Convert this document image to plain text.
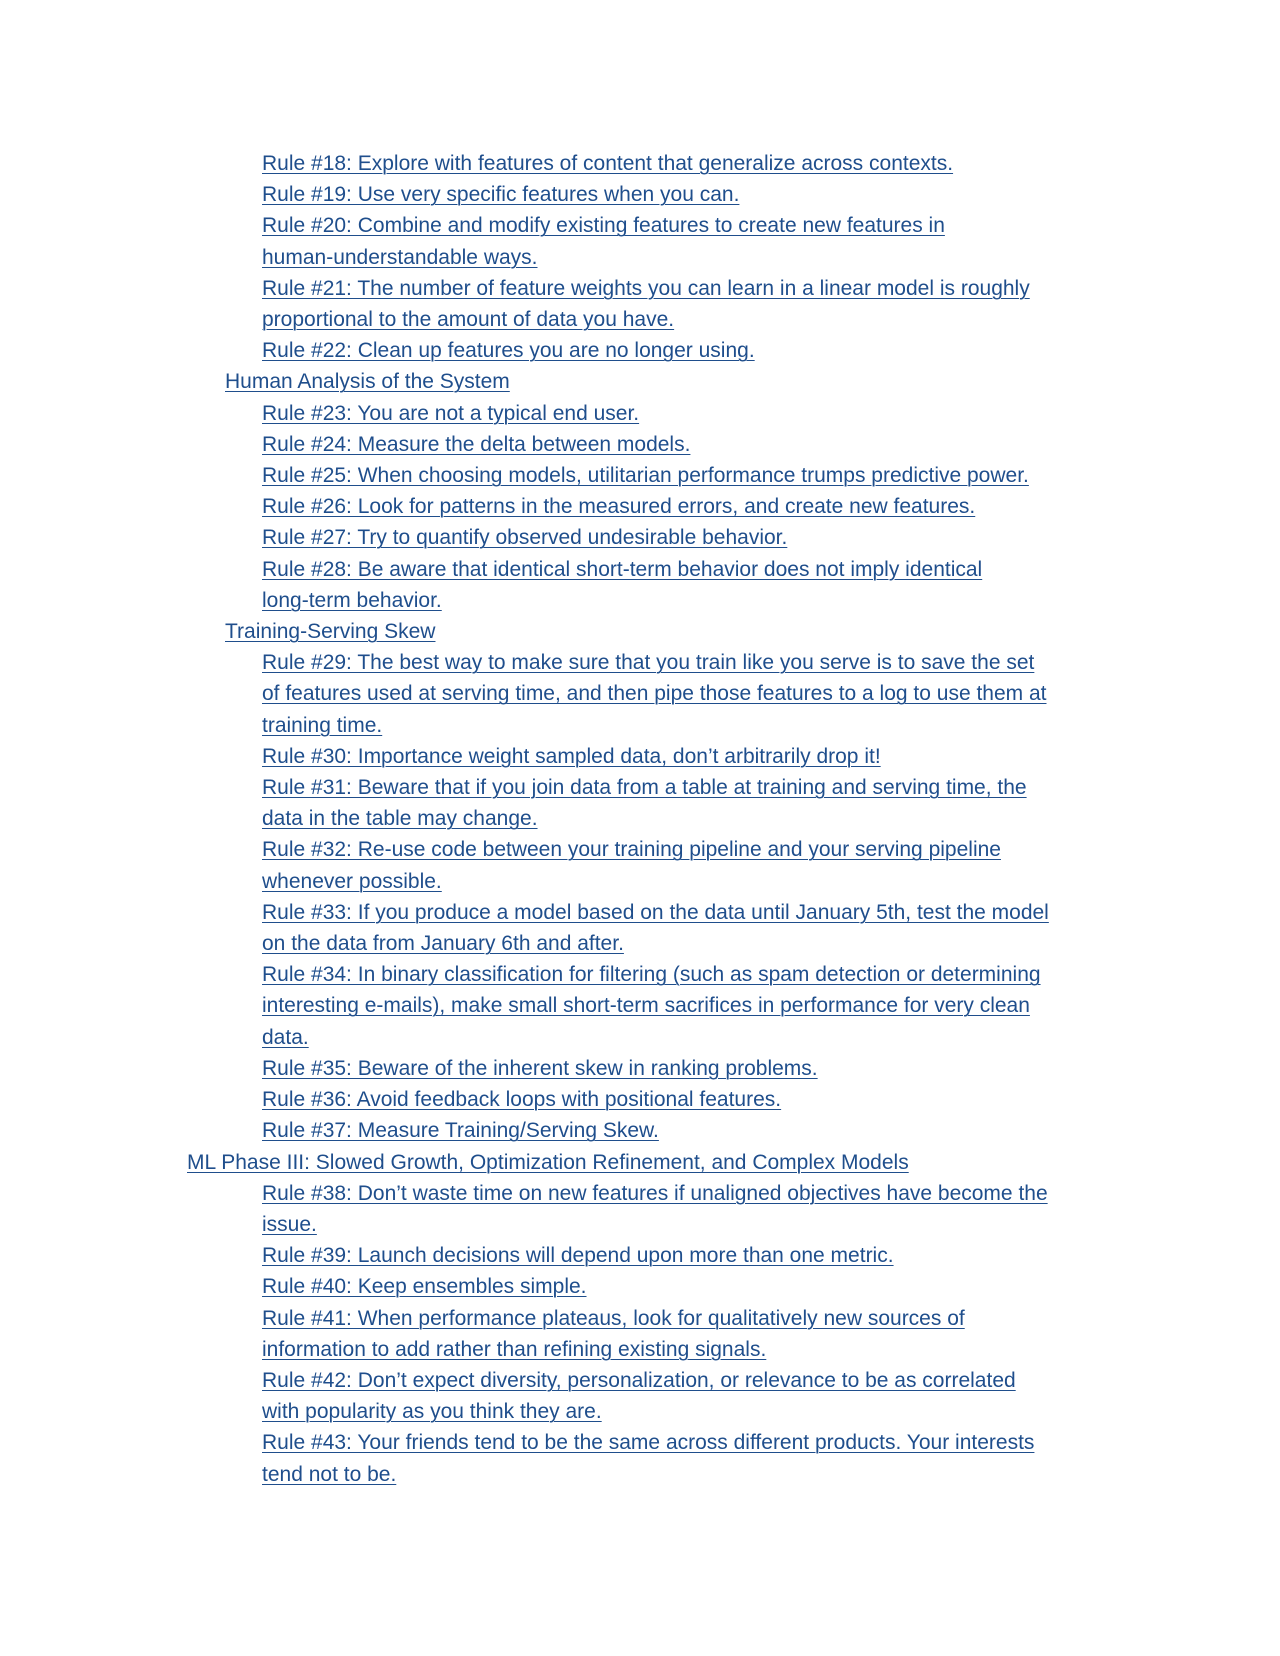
Rule #18: Explore with features of content that generalize across contexts.
Rule #19: Use very specific features when you can.
Rule #20: Combine and modify existing features to create new features in
human-understandable ways.
Rule #21: The number of feature weights you can learn in a linear model is roughly
proportional to the amount of data you have.
Rule #22: Clean up features you are no longer using.
Human Analysis of the System
Rule #23: You are not a typical end user.
Rule #24: Measure the delta between models.
Rule #25: When choosing models, utilitarian performance trumps predictive power.
Rule #26: Look for patterns in the measured errors, and create new features.
Rule #27: Try to quantify observed undesirable behavior.
Rule #28: Be aware that identical short-term behavior does not imply identical
long-term behavior.
Training-Serving Skew
Rule #29: The best way to make sure that you train like you serve is to save the set
of features used at serving time, and then pipe those features to a log to use them at
training time.
Rule #30: Importance weight sampled data, don’t arbitrarily drop it!
Rule #31: Beware that if you join data from a table at training and serving time, the
data in the table may change.
Rule #32: Re-use code between your training pipeline and your serving pipeline
whenever possible.
Rule #33: If you produce a model based on the data until January 5th, test the model
on the data from January 6th and after.
Rule #34: In binary classification for filtering (such as spam detection or determining
interesting e-mails), make small short-term sacrifices in performance for very clean
data.
Rule #35: Beware of the inherent skew in ranking problems.
Rule #36: Avoid feedback loops with positional features.
Rule #37: Measure Training/Serving Skew.
ML Phase III: Slowed Growth, Optimization Refinement, and Complex Models
Rule #38: Don’t waste time on new features if unaligned objectives have become the
issue.
Rule #39: Launch decisions will depend upon more than one metric.
Rule #40: Keep ensembles simple.
Rule #41: When performance plateaus, look for qualitatively new sources of
information to add rather than refining existing signals.
Rule #42: Don’t expect diversity, personalization, or relevance to be as correlated
with popularity as you think they are.
Rule #43: Your friends tend to be the same across different products. Your interests
tend not to be.
